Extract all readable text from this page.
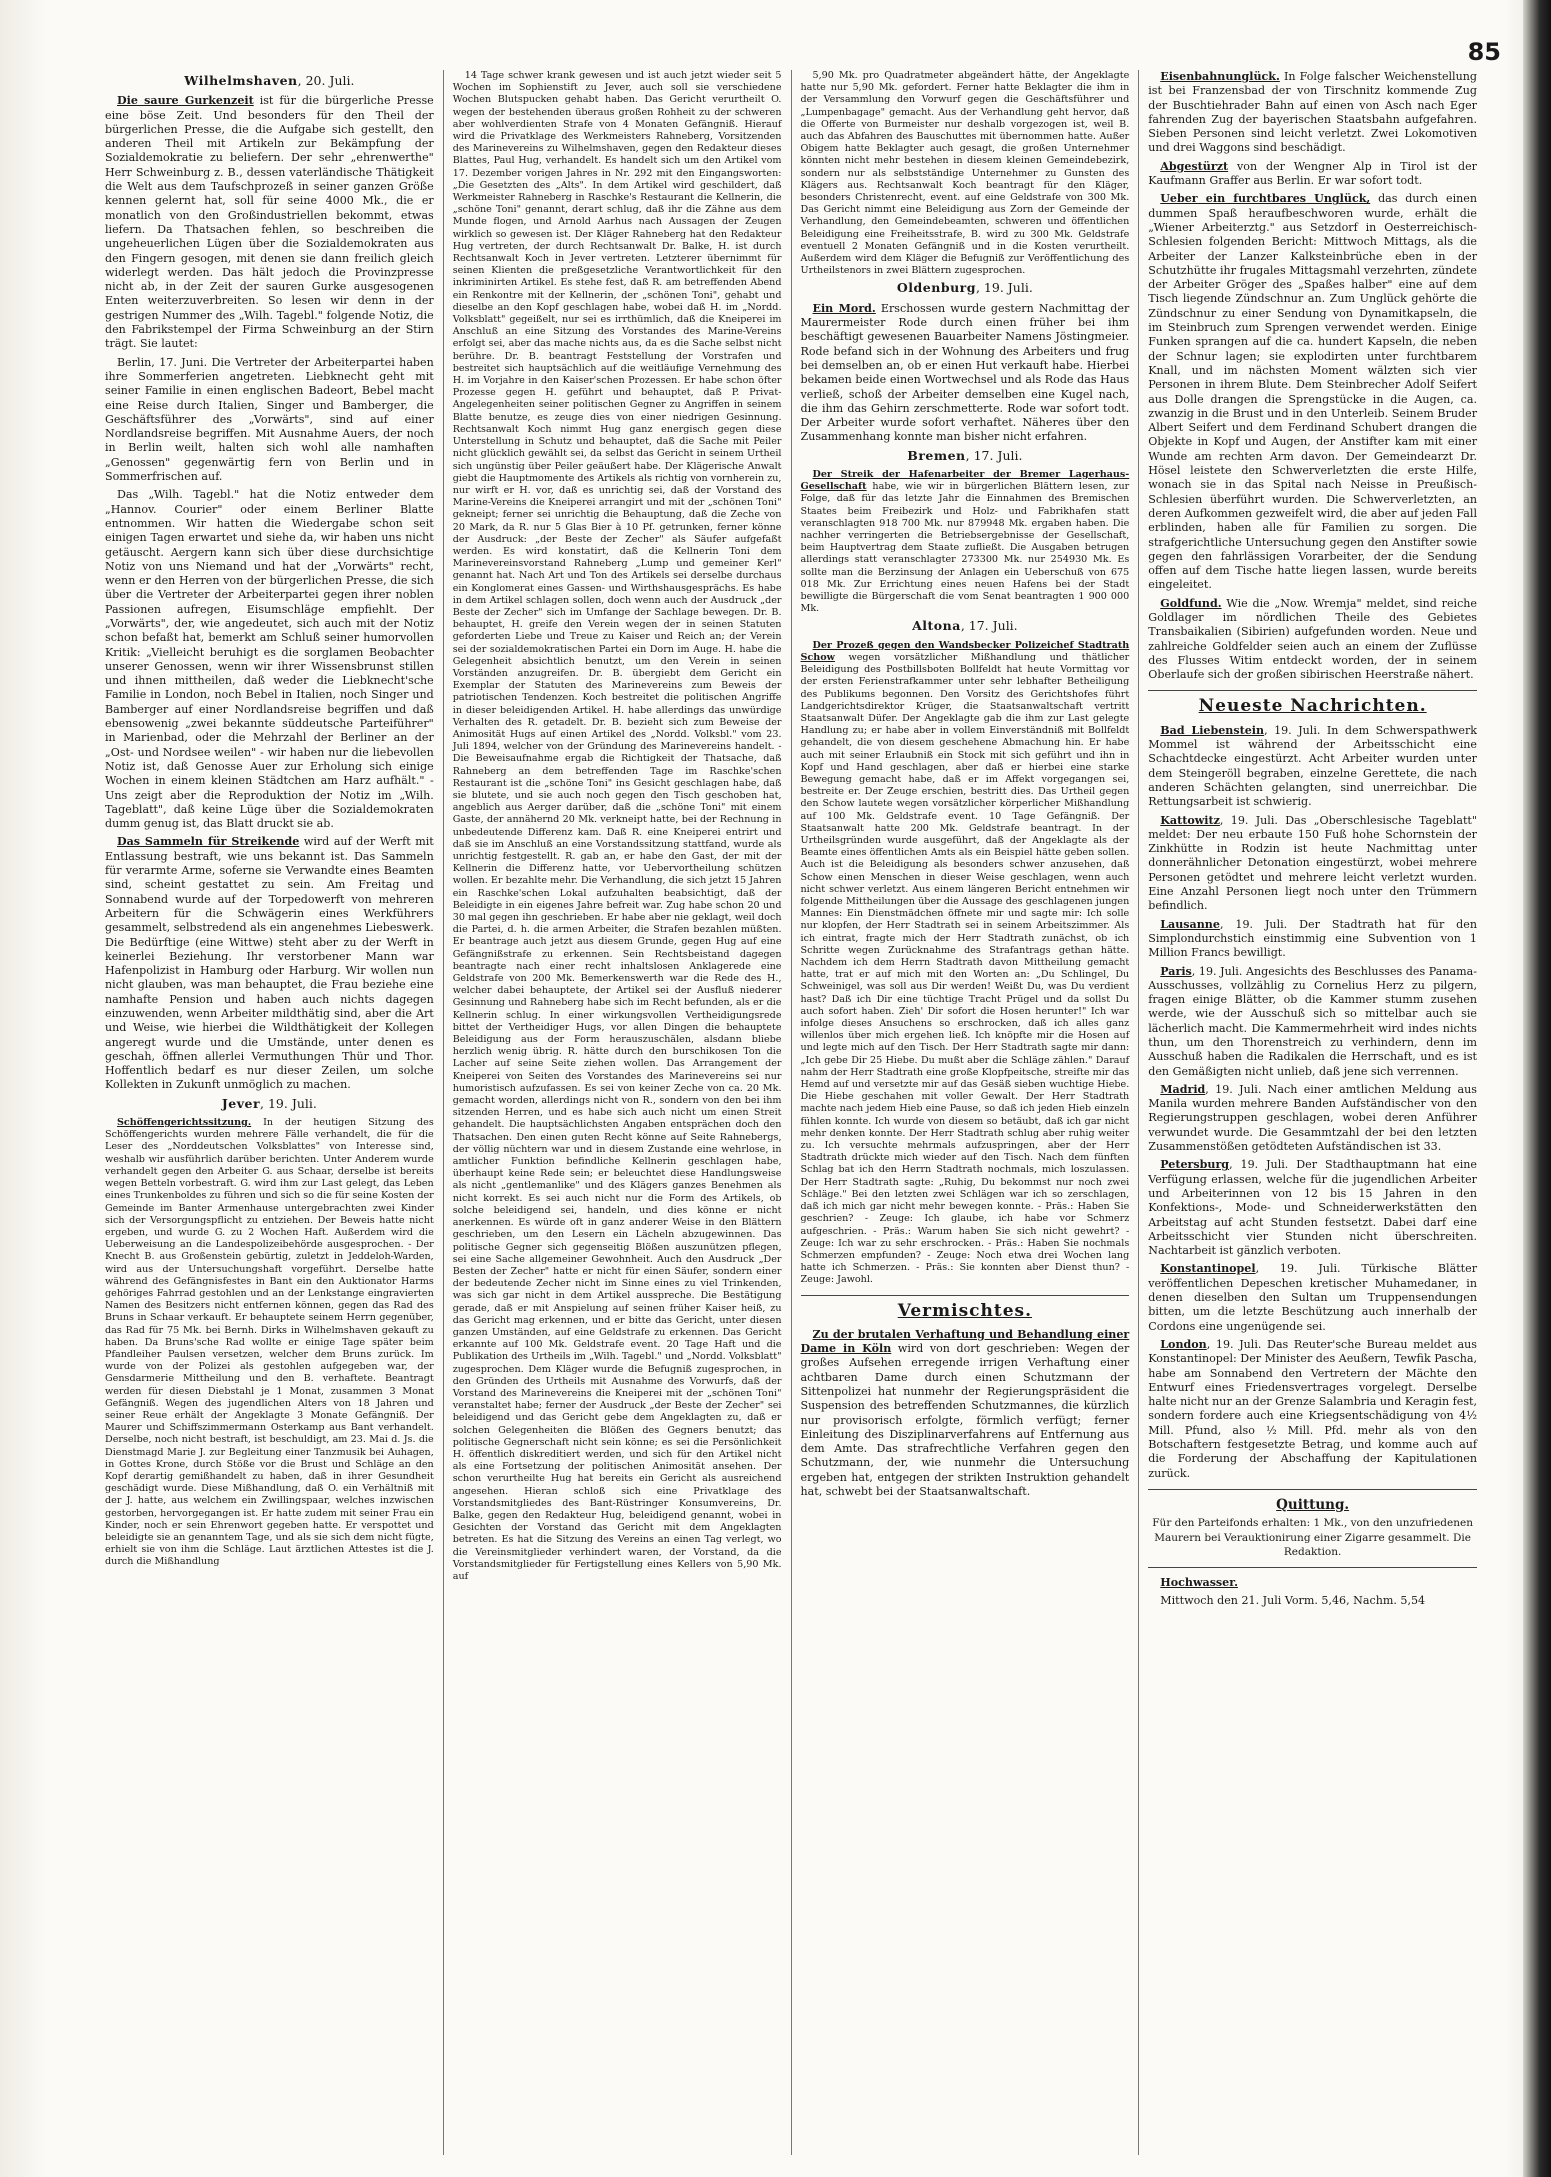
85
Wilhelmshaven, 20. Juli.

Die saure Gurkenzeit ist für die bürgerliche Presse eine böse Zeit. Und besonders für den Theil der bürgerlichen Presse, die die Aufgabe sich gestellt, den anderen Theil mit Artikeln zur Bekämpfung der Sozialdemokratie zu beliefern. Der sehr „ehrenwerthe" Herr Schweinburg z. B., dessen vaterländische Thätigkeit die Welt aus dem Taufschprozeß in seiner ganzen Größe kennen gelernt hat, soll für seine 4000 Mk., die er monatlich von den Großindustriellen bekommt, etwas liefern. Da Thatsachen fehlen, so beschreiben die ungeheuerlichen Lügen über die Sozialdemokraten aus den Fingern gesogen, mit denen sie dann freilich gleich widerlegt werden. Das hält jedoch die Provinzpresse nicht ab, in der Zeit der sauren Gurke ausgesogenen Enten weiterzuverbreiten. So lesen wir denn in der gestrigen Nummer des „Wilh. Tagebl." folgende Notiz, die den Fabrikstempel der Firma Schweinburg an der Stirn trägt. Sie lautet:

Berlin, 17. Juni. Die Vertreter der Arbeiterpartei haben ihre Sommerferien angetreten. Liebknecht geht mit seiner Familie in einen englischen Badeort, Bebel macht eine Reise durch Italien, Singer und Bamberger, die Geschäftsführer des „Vorwärts", sind auf einer Nordlandsreise begriffen. Mit Ausnahme Auers, der noch in Berlin weilt, halten sich wohl alle namhaften „Genossen" gegenwärtig fern von Berlin und in Sommerfrischen auf.

Das „Wilh. Tagebl." hat die Notiz entweder dem „Hannov. Courier" oder einem Berliner Blatte entnommen. Wir hatten die Wiedergabe schon seit einigen Tagen erwartet und siehe da, wir haben uns nicht getäuscht. Aergern kann sich über diese durchsichtige Notiz von uns Niemand und hat der „Vorwärts" recht, wenn er den Herren von der bürgerlichen Presse, die sich über die Vertreter der Arbeiterpartei gegen ihrer noblen Passionen aufregen, Eisumschläge empfiehlt. Der „Vorwärts", der, wie angedeutet, sich auch mit der Notiz schon befaßt hat, bemerkt am Schluß seiner humorvollen Kritik: „Vielleicht beruhigt es die sorglamen Beobachter unserer Genossen, wenn wir ihrer Wissensbrunst stillen und ihnen mittheilen, daß weder die Liebknecht'sche Familie in London, noch Bebel in Italien, noch Singer und Bamberger auf einer Nordlandsreise begriffen und daß ebensowenig „zwei bekannte süddeutsche Parteiführer" in Marienbad, oder die Mehrzahl der Berliner an der „Ost- und Nordsee weilen" - wir haben nur die liebevollen Notiz ist, daß Genosse Auer zur Erholung sich einige Wochen in einem kleinen Städtchen am Harz aufhält." - Uns zeigt aber die Reproduktion der Notiz im „Wilh. Tageblatt", daß keine Lüge über die Sozialdemokraten dumm genug ist, das Blatt druckt sie ab.

Das Sammeln für Streikende wird auf der Werft mit Entlassung bestraft, wie uns bekannt ist. Das Sammeln für verarmte Arme, soferne sie Verwandte eines Beamten sind, scheint gestattet zu sein. Am Freitag und Sonnabend wurde auf der Torpedowerft von mehreren Arbeitern für die Schwägerin eines Werkführers gesammelt, selbstredend als ein angenehmes Liebeswerk. Die Bedürftige (eine Wittwe) steht aber zu der Werft in keinerlei Beziehung. Ihr verstorbener Mann war Hafenpolizist in Hamburg oder Harburg. Wir wollen nun nicht glauben, was man behauptet, die Frau beziehe eine namhafte Pension und haben auch nichts dagegen einzuwenden, wenn Arbeiter mildthätig sind, aber die Art und Weise, wie hierbei die Wildthätigkeit der Kollegen angeregt wurde und die Umstände, unter denen es geschah, öffnen allerlei Vermuthungen Thür und Thor. Hoffentlich bedarf es nur dieser Zeilen, um solche Kollekten in Zukunft unmöglich zu machen.

Jever, 19. Juli.

Schöffengerichtssitzung. In der heutigen Sitzung des Schöffengerichts wurden mehrere Fälle verhandelt, die für die Leser des „Norddeutschen Volksblattes" von Interesse sind, weshalb wir ausführlich darüber berichten. Unter Anderem wurde verhandelt gegen den Arbeiter G. aus Schaar, derselbe ist bereits wegen Betteln vorbestraft. G. wird ihm zur Last gelegt, das Leben eines Trunkenboldes zu führen und sich so die für seine Kosten der Gemeinde im Banter Armenhause untergebrachten zwei Kinder sich der Versorgungspflicht zu entziehen. Der Beweis hatte nicht ergeben, und wurde G. zu 2 Wochen Haft. Außerdem wird die Ueberweisung an die Landespolizeibehörde ausgesprochen. - Der Knecht B. aus Großenstein gebürtig, zuletzt in Jeddeloh-Warden, wird aus der Untersuchungshaft vorgeführt. Derselbe hatte während des Gefängnisfestes in Bant ein den Auktionator Harms gehöriges Fahrrad gestohlen und an der Lenkstange eingravierten Namen des Besitzers nicht entfernen können, gegen das Rad des Bruns in Schaar verkauft. Er behauptete seinem Herrn gegenüber, das Rad für 75 Mk. bei Bernh. Dirks in Wilhelmshaven gekauft zu haben. Da Bruns'sche Rad wollte er einige Tage später beim Pfandleiher Paulsen versetzen, welcher dem Bruns zurück. Im wurde von der Polizei als gestohlen aufgegeben war, der Gensdarmerie Mittheilung und den B. verhaftete. Beantragt werden für diesen Diebstahl je 1 Monat, zusammen 3 Monat Gefängniß. Wegen des jugendlichen Alters von 18 Jahren und seiner Reue erhält der Angeklagte 3 Monate Gefängniß. Der Maurer und Schiffszimmermann Osterkamp aus Bant verhandelt. Derselbe, noch nicht bestraft, ist beschuldigt, am 23. Mai d. Js. die Dienstmagd Marie J. zur Begleitung einer Tanzmusik bei Auhagen, in Gottes Krone, durch Stöße vor die Brust und Schläge an den Kopf derartig gemißhandelt zu haben, daß in ihrer Gesundheit geschädigt wurde. Diese Mißhandlung, daß O. ein Verhältniß mit der J. hatte, aus welchem ein Zwillingspaar, welches inzwischen gestorben, hervorgegangen ist. Er hatte zudem mit seiner Frau ein Kinder, noch er sein Ehrenwort gegeben hatte. Er verspottet und beleidigte sie an genanntem Tage, und als sie sich dem nicht fügte, erhielt sie von ihm die Schläge. Laut ärztlichen Attestes ist die J. durch die Mißhandlung

14 Tage schwer krank gewesen und ist auch jetzt wieder seit 5 Wochen im Sophienstift zu Jever, auch soll sie verschiedene Wochen Blutspucken gehabt haben. Das Gericht verurtheilt O. wegen der bestehenden überaus großen Rohheit zu der schweren aber wohlverdienten Strafe von 4 Monaten Gefängniß. Hierauf wird die Privatklage des Werkmeisters Rahneberg, Vorsitzenden des Marinevereins zu Wilhelmshaven, gegen den Redakteur dieses Blattes, Paul Hug, verhandelt. Es handelt sich um den Artikel vom 17. Dezember vorigen Jahres in Nr. 292 mit den Eingangsworten: „Die Gesetzten des „Alts". In dem Artikel wird geschildert, daß Werkmeister Rahneberg in Raschke's Restaurant die Kellnerin, die „schöne Toni" genannt, derart schlug, daß ihr die Zähne aus dem Munde flogen, und Arnold Aarhus nach Aussagen der Zeugen wirklich so gewesen ist. Der Kläger Rahneberg hat den Redakteur Hug vertreten, der durch Rechtsanwalt Dr. Balke, H. ist durch Rechtsanwalt Koch in Jever vertreten. Letzterer übernimmt für seinen Klienten die preßgesetzliche Verantwortlichkeit für den inkriminirten Artikel. Es stehe fest, daß R. am betreffenden Abend ein Renkontre mit der Kellnerin, der „schönen Toni", gehabt und dieselbe an den Kopf geschlagen habe, wobei daß H. im „Nordd. Volksblatt" gegeißelt, nur sei es irrthümlich, daß die Kneiperei im Anschluß an eine Sitzung des Vorstandes des Marine-Vereins erfolgt sei, aber das mache nichts aus, da es die Sache selbst nicht berühre. Dr. B. beantragt Feststellung der Vorstrafen und bestreitet sich hauptsächlich auf die weitläufige Vernehmung des H. im Vorjahre in den Kaiser'schen Prozessen. Er habe schon öfter Prozesse gegen H. geführt und behauptet, daß P. Privat-Angelegenheiten seiner politischen Gegner zu Angriffen in seinem Blatte benutze, es zeuge dies von einer niedrigen Gesinnung. Rechtsanwalt Koch nimmt Hug ganz energisch gegen diese Unterstellung in Schutz und behauptet, daß die Sache mit Peiler nicht glücklich gewählt sei, da selbst das Gericht in seinem Urtheil sich ungünstig über Peiler geäußert habe. Der Klägerische Anwalt giebt die Hauptmomente des Artikels als richtig von vornherein zu, nur wirft er H. vor, daß es unrichtig sei, daß der Vorstand des Marine-Vereins die Kneiperei arrangirt und mit der „schönen Toni" gekneipt; ferner sei unrichtig die Behauptung, daß die Zeche von 20 Mark, da R. nur 5 Glas Bier à 10 Pf. getrunken, ferner könne der Ausdruck: „der Beste der Zecher" als Säufer aufgefaßt werden. Es wird konstatirt, daß die Kellnerin Toni dem Marinevereinsvorstand Rahneberg „Lump und gemeiner Kerl" genannt hat. Nach Art und Ton des Artikels sei derselbe durchaus ein Konglomerat eines Gassen- und Wirthshausgesprächs. Es habe in dem Artikel schlagen sollen, doch wenn auch der Ausdruck „der Beste der Zecher" sich im Umfange der Sachlage bewegen. Dr. B. behauptet, H. greife den Verein wegen der in seinen Statuten geforderten Liebe und Treue zu Kaiser und Reich an; der Verein sei der sozialdemokratischen Partei ein Dorn im Auge. H. habe die Gelegenheit absichtlich benutzt, um den Verein in seinen Vorständen anzugreifen. Dr. B. übergiebt dem Gericht ein Exemplar der Statuten des Marinevereins zum Beweis der patriotischen Tendenzen. Koch bestreitet die politischen Angriffe in dieser beleidigenden Artikel. H. habe allerdings das unwürdige Verhalten des R. getadelt. Dr. B. bezieht sich zum Beweise der Animosität Hugs auf einen Artikel des „Nordd. Volksbl." vom 23. Juli 1894, welcher von der Gründung des Marinevereins handelt. - Die Beweisaufnahme ergab die Richtigkeit der Thatsache, daß Rahneberg an dem betreffenden Tage im Raschke'schen Restaurant ist die „schöne Toni" ins Gesicht geschlagen habe, daß sie blutete, und sie auch noch gegen den Tisch geschoben hat, angeblich aus Aerger darüber, daß die „schöne Toni" mit einem Gaste, der annähernd 20 Mk. verkneipt hatte, bei der Rechnung in unbedeutende Differenz kam. Daß R. eine Kneiperei entrirt und daß sie im Anschluß an eine Vorstandssitzung stattfand, wurde als unrichtig festgestellt. R. gab an, er habe den Gast, der mit der Kellnerin die Differenz hatte, vor Uebervortheilung schützen wollen. Er bezahlte mehr. Die Verhandlung, die sich jetzt 15 Jahren ein Raschke'schen Lokal aufzuhalten beabsichtigt, daß der Beleidigte in ein eigenes Jahre befreit war. Zug habe schon 20 und 30 mal gegen ihn geschrieben. Er habe aber nie geklagt, weil doch die Partei, d. h. die armen Arbeiter, die Strafen bezahlen müßten. Er beantrage auch jetzt aus diesem Grunde, gegen Hug auf eine Gefängnißstrafe zu erkennen. Sein Rechtsbeistand dagegen beantragte nach einer recht inhaltslosen Anklagerede eine Geldstrafe von 200 Mk. Bemerkenswerth war die Rede des H., welcher dabei behauptete, der Artikel sei der Ausfluß niederer Gesinnung und Rahneberg habe sich im Recht befunden, als er die Kellnerin schlug. In einer wirkungsvollen Vertheidigungsrede bittet der Vertheidiger Hugs, vor allen Dingen die behauptete Beleidigung aus der Form herauszuschälen, alsdann bliebe herzlich wenig übrig. R. hätte durch den burschikosen Ton die Lacher auf seine Seite ziehen wollen. Das Arrangement der Kneiperei von Seiten des Vorstandes des Marinevereins sei nur humoristisch aufzufassen. Es sei von keiner Zeche von ca. 20 Mk. gemacht worden, allerdings nicht von R., sondern von den bei ihm sitzenden Herren, und es habe sich auch nicht um einen Streit gehandelt. Die hauptsächlichsten Angaben entsprächen doch den Thatsachen. Den einen guten Recht könne auf Seite Rahnebergs, der völlig nüchtern war und in diesem Zustande eine wehrlose, in amtlicher Funktion befindliche Kellnerin geschlagen habe, überhaupt keine Rede sein; er beleuchtet diese Handlungsweise als nicht „gentlemanlike" und des Klägers ganzes Benehmen als nicht korrekt. Es sei auch nicht nur die Form des Artikels, ob solche beleidigend sei, handeln, und dies könne er nicht anerkennen. Es würde oft in ganz anderer Weise in den Blättern geschrieben, um den Lesern ein Lächeln abzugewinnen. Das politische Gegner sich gegenseitig Blößen auszunützen pflegen, sei eine Sache allgemeiner Gewohnheit. Auch den Ausdruck „Der Besten der Zecher" hatte er nicht für einen Säufer, sondern einer der bedeutende Zecher nicht im Sinne eines zu viel Trinkenden, was sich gar nicht in dem Artikel ausspreche. Die Bestätigung gerade, daß er mit Anspielung auf seinen früher Kaiser heiß, zu das Gericht mag erkennen, und er bitte das Gericht, unter diesen ganzen Umständen, auf eine Geldstrafe zu erkennen. Das Gericht erkannte auf 100 Mk. Geldstrafe event. 20 Tage Haft und die Publikation des Urtheils im „Wilh. Tagebl." und „Nordd. Volksblatt" zugesprochen. Dem Kläger wurde die Befugniß zugesprochen, in den Gründen des Urtheils mit Ausnahme des Vorwurfs, daß der Vorstand des Marinevereins die Kneiperei mit der „schönen Toni" veranstaltet habe; ferner der Ausdruck „der Beste der Zecher" sei beleidigend und das Gericht gebe dem Angeklagten zu, daß er solchen Gelegenheiten die Blößen des Gegners benutzt; das politische Gegnerschaft nicht sein könne; es sei die Persönlichkeit H. öffentlich diskreditiert werden, und sich für den Artikel nicht als eine Fortsetzung der politischen Animosität ansehen. Der schon verurtheilte Hug hat bereits ein Gericht als ausreichend angesehen. Hieran schloß sich eine Privatklage des Vorstandsmitgliedes des Bant-Rüstringer Konsumvereins, Dr. Balke, gegen den Redakteur Hug, beleidigend genannt, wobei in Gesichten der Vorstand das Gericht mit dem Angeklagten betreten. Es hat die Sitzung des Vereins an einen Tag verlegt, wo die Vereinsmitglieder verhindert waren, der Vorstand, da die Vorstandsmitglieder für Fertigstellung eines Kellers von 5,90 Mk. auf

5,90 Mk. pro Quadratmeter abgeändert hätte, der Angeklagte hatte nur 5,90 Mk. gefordert. Ferner hatte Beklagter die ihm in der Versammlung den Vorwurf gegen die Geschäftsführer und „Lumpenbagage" gemacht. Aus der Verhandlung geht hervor, daß die Offerte von Burmeister nur deshalb vorgezogen ist, weil B. auch das Abfahren des Bauschuttes mit übernommen hatte. Außer Obigem hatte Beklagter auch gesagt, die großen Unternehmer könnten nicht mehr bestehen in diesem kleinen Gemeindebezirk, sondern nur als selbstständige Unternehmer zu Gunsten des Klägers aus. Rechtsanwalt Koch beantragt für den Kläger, besonders Christenrecht, event. auf eine Geldstrafe von 300 Mk. Das Gericht nimmt eine Beleidigung aus Zorn der Gemeinde der Verhandlung, den Gemeindebeamten, schweren und öffentlichen Beleidigung eine Freiheitsstrafe, B. wird zu 300 Mk. Geldstrafe eventuell 2 Monaten Gefängniß und in die Kosten verurtheilt. Außerdem wird dem Kläger die Befugniß zur Veröffentlichung des Urtheilstenors in zwei Blättern zugesprochen.

Oldenburg, 19. Juli.

Ein Mord. Erschossen wurde gestern Nachmittag der Maurermeister Rode durch einen früher bei ihm beschäftigt gewesenen Bauarbeiter Namens Jöstingmeier. Rode befand sich in der Wohnung des Arbeiters und frug bei demselben an, ob er einen Hut verkauft habe. Hierbei bekamen beide einen Wortwechsel und als Rode das Haus verließ, schoß der Arbeiter demselben eine Kugel nach, die ihm das Gehirn zerschmetterte. Rode war sofort todt. Der Arbeiter wurde sofort verhaftet. Näheres über den Zusammenhang konnte man bisher nicht erfahren.

Bremen, 17. Juli.

Der Streik der Hafenarbeiter der Bremer Lagerhaus-Gesellschaft habe, wie wir in bürgerlichen Blättern lesen, zur Folge, daß für das letzte Jahr die Einnahmen des Bremischen Staates beim Freibezirk und Holz- und Fabrikhafen statt veranschlagten 918 700 Mk. nur 879948 Mk. ergaben haben. Die nachher verringerten die Betriebsergebnisse der Gesellschaft, beim Hauptvertrag dem Staate zufließt. Die Ausgaben betrugen allerdings statt veranschlagter 273300 Mk. nur 254930 Mk. Es sollte man die Berzinsung der Anlagen ein Ueberschuß von 675 018 Mk. Zur Errichtung eines neuen Hafens bei der Stadt bewilligte die Bürgerschaft die vom Senat beantragten 1 900 000 Mk.

Altona, 17. Juli.

Der Prozeß gegen den Wandsbecker Polizeichef Stadtrath Schow wegen vorsätzlicher Mißhandlung und thätlicher Beleidigung des Postbillsboten Bollfeldt hat heute Vormittag vor der ersten Ferienstrafkammer unter sehr lebhafter Betheiligung des Publikums begonnen. Den Vorsitz des Gerichtshofes führt Landgerichtsdirektor Krüger, die Staatsanwaltschaft vertritt Staatsanwalt Düfer. Der Angeklagte gab die ihm zur Last gelegte Handlung zu; er habe aber in vollem Einverständniß mit Bollfeldt gehandelt, die von diesem geschehene Abmachung hin. Er habe auch mit seiner Erlaubniß ein Stock mit sich geführt und ihn in Kopf und Hand geschlagen, aber daß er hierbei eine starke Bewegung gemacht habe, daß er im Affekt vorgegangen sei, bestreite er. Der Zeuge erschien, bestritt dies. Das Urtheil gegen den Schow lautete wegen vorsätzlicher körperlicher Mißhandlung auf 100 Mk. Geldstrafe event. 10 Tage Gefängniß. Der Staatsanwalt hatte 200 Mk. Geldstrafe beantragt. In der Urtheilsgründen wurde ausgeführt, daß der Angeklagte als der Beamte eines öffentlichen Amts als ein Beispiel hätte geben sollen. Auch ist die Beleidigung als besonders schwer anzusehen, daß Schow einen Menschen in dieser Weise geschlagen, wenn auch nicht schwer verletzt. Aus einem längeren Bericht entnehmen wir folgende Mittheilungen über die Aussage des geschlagenen jungen Mannes: Ein Dienstmädchen öffnete mir und sagte mir: Ich solle nur klopfen, der Herr Stadtrath sei in seinem Arbeitszimmer. Als ich eintrat, fragte mich der Herr Stadtrath zunächst, ob ich Schritte wegen Zurücknahme des Strafantrags gethan hätte. Nachdem ich dem Herrn Stadtrath davon Mittheilung gemacht hatte, trat er auf mich mit den Worten an: „Du Schlingel, Du Schweinigel, was soll aus Dir werden! Weißt Du, was Du verdient hast? Daß ich Dir eine tüchtige Tracht Prügel und da sollst Du auch sofort haben. Zieh' Dir sofort die Hosen herunter!" Ich war infolge dieses Ansuchens so erschrocken, daß ich alles ganz willenlos über mich ergehen ließ. Ich knöpfte mir die Hosen auf und legte mich auf den Tisch. Der Herr Stadtrath sagte mir dann: „Ich gebe Dir 25 Hiebe. Du mußt aber die Schläge zählen." Darauf nahm der Herr Stadtrath eine große Klopfpeitsche, streifte mir das Hemd auf und versetzte mir auf das Gesäß sieben wuchtige Hiebe. Die Hiebe geschahen mit voller Gewalt. Der Herr Stadtrath machte nach jedem Hieb eine Pause, so daß ich jeden Hieb einzeln fühlen konnte. Ich wurde von diesem so betäubt, daß ich gar nicht mehr denken konnte. Der Herr Stadtrath schlug aber ruhig weiter zu. Ich versuchte mehrmals aufzuspringen, aber der Herr Stadtrath drückte mich wieder auf den Tisch. Nach dem fünften Schlag bat ich den Herrn Stadtrath nochmals, mich loszulassen. Der Herr Stadtrath sagte: „Ruhig, Du bekommst nur noch zwei Schläge." Bei den letzten zwei Schlägen war ich so zerschlagen, daß ich mich gar nicht mehr bewegen konnte. - Präs.: Haben Sie geschrien? - Zeuge: Ich glaube, ich habe vor Schmerz aufgeschrien. - Präs.: Warum haben Sie sich nicht gewehrt? - Zeuge: Ich war zu sehr erschrocken. - Präs.: Haben Sie nochmals Schmerzen empfunden? - Zeuge: Noch etwa drei Wochen lang hatte ich Schmerzen. - Präs.: Sie konnten aber Dienst thun? - Zeuge: Jawohl.

Vermischtes.

Zu der brutalen Verhaftung und Behandlung einer Dame in Köln wird von dort geschrieben: Wegen der großes Aufsehen erregende irrigen Verhaftung einer achtbaren Dame durch einen Schutzmann der Sittenpolizei hat nunmehr der Regierungspräsident die Suspension des betreffenden Schutzmannes, die kürzlich nur provisorisch erfolgte, förmlich verfügt; ferner Einleitung des Disziplinarverfahrens auf Entfernung aus dem Amte. Das strafrechtliche Verfahren gegen den Schutzmann, der, wie nunmehr die Untersuchung ergeben hat, entgegen der strikten Instruktion gehandelt hat, schwebt bei der Staatsanwaltschaft.

Eisenbahnunglück. In Folge falscher Weichenstellung ist bei Franzensbad der von Tirschnitz kommende Zug der Buschtiehrader Bahn auf einen von Asch nach Eger fahrenden Zug der bayerischen Staatsbahn aufgefahren. Sieben Personen sind leicht verletzt. Zwei Lokomotiven und drei Waggons sind beschädigt.

Abgestürzt von der Wengner Alp in Tirol ist der Kaufmann Graffer aus Berlin. Er war sofort todt.

Ueber ein furchtbares Unglück, das durch einen dummen Spaß heraufbeschworen wurde, erhält die „Wiener Arbeiterztg." aus Setzdorf in Oesterreichisch-Schlesien folgenden Bericht: Mittwoch Mittags, als die Arbeiter der Lanzer Kalksteinbrüche eben in der Schutzhütte ihr frugales Mittagsmahl verzehrten, zündete der Arbeiter Gröger des „Spaßes halber" eine auf dem Tisch liegende Zündschnur an. Zum Unglück gehörte die Zündschnur zu einer Sendung von Dynamitkapseln, die im Steinbruch zum Sprengen verwendet werden. Einige Funken sprangen auf die ca. hundert Kapseln, die neben der Schnur lagen; sie explodirten unter furchtbarem Knall, und im nächsten Moment wälzten sich vier Personen in ihrem Blute. Dem Steinbrecher Adolf Seifert aus Dolle drangen die Sprengstücke in die Augen, ca. zwanzig in die Brust und in den Unterleib. Seinem Bruder Albert Seifert und dem Ferdinand Schubert drangen die Objekte in Kopf und Augen, der Anstifter kam mit einer Wunde am rechten Arm davon. Der Gemeindearzt Dr. Hösel leistete den Schwerverletzten die erste Hilfe, wonach sie in das Spital nach Neisse in Preußisch-Schlesien überführt wurden. Die Schwerverletzten, an deren Aufkommen gezweifelt wird, die aber auf jeden Fall erblinden, haben alle für Familien zu sorgen. Die strafgerichtliche Untersuchung gegen den Anstifter sowie gegen den fahrlässigen Vorarbeiter, der die Sendung offen auf dem Tische hatte liegen lassen, wurde bereits eingeleitet.

Goldfund. Wie die „Now. Wremja" meldet, sind reiche Goldlager im nördlichen Theile des Gebietes Transbaikalien (Sibirien) aufgefunden worden. Neue und zahlreiche Goldfelder seien auch an einem der Zuflüsse des Flusses Witim entdeckt worden, der in seinem Oberlaufe sich der großen sibirischen Heerstraße nähert.

Neueste Nachrichten.

Bad Liebenstein, 19. Juli. In dem Schwerspathwerk Mommel ist während der Arbeitsschicht eine Schachtdecke eingestürzt. Acht Arbeiter wurden unter dem Steingeröll begraben, einzelne Gerettete, die nach anderen Schächten gelangten, sind unerreichbar. Die Rettungsarbeit ist schwierig.

Kattowitz, 19. Juli. Das „Oberschlesische Tageblatt" meldet: Der neu erbaute 150 Fuß hohe Schornstein der Zinkhütte in Rodzin ist heute Nachmittag unter donnerähnlicher Detonation eingestürzt, wobei mehrere Personen getödtet und mehrere leicht verletzt wurden. Eine Anzahl Personen liegt noch unter den Trümmern befindlich.

Lausanne, 19. Juli. Der Stadtrath hat für den Simplondurchstich einstimmig eine Subvention von 1 Million Francs bewilligt.

Paris, 19. Juli. Angesichts des Beschlusses des Panama-Ausschusses, vollzählig zu Cornelius Herz zu pilgern, fragen einige Blätter, ob die Kammer stumm zusehen werde, wie der Ausschuß sich so mittelbar auch sie lächerlich macht. Die Kammermehrheit wird indes nichts thun, um den Thorenstreich zu verhindern, denn im Ausschuß haben die Radikalen die Herrschaft, und es ist den Gemäßigten nicht unlieb, daß jene sich verrennen.

Madrid, 19. Juli. Nach einer amtlichen Meldung aus Manila wurden mehrere Banden Aufständischer von den Regierungstruppen geschlagen, wobei deren Anführer verwundet wurde. Die Gesammtzahl der bei den letzten Zusammenstößen getödteten Aufständischen ist 33.

Petersburg, 19. Juli. Der Stadthauptmann hat eine Verfügung erlassen, welche für die jugendlichen Arbeiter und Arbeiterinnen von 12 bis 15 Jahren in den Konfektions-, Mode- und Schneiderwerkstätten den Arbeitstag auf acht Stunden festsetzt. Dabei darf eine Arbeitsschicht vier Stunden nicht überschreiten. Nachtarbeit ist gänzlich verboten.

Konstantinopel, 19. Juli. Türkische Blätter veröffentlichen Depeschen kretischer Muhamedaner, in denen dieselben den Sultan um Truppensendungen bitten, um die letzte Beschützung auch innerhalb der Cordons eine ungenügende sei.

London, 19. Juli. Das Reuter'sche Bureau meldet aus Konstantinopel: Der Minister des Aeußern, Tewfik Pascha, habe am Sonnabend den Vertretern der Mächte den Entwurf eines Friedensvertrages vorgelegt. Derselbe halte nicht nur an der Grenze Salambria und Keragin fest, sondern fordere auch eine Kriegsentschädigung von 4½ Mill. Pfund, also ½ Mill. Pfd. mehr als von den Botschaftern festgesetzte Betrag, und komme auch auf die Forderung der Abschaffung der Kapitulationen zurück.

Quittung.
Für den Parteifonds erhalten: 1 Mk., von den unzufriedenen Maurern bei Verauktionirung einer Zigarre gesammelt. Die Redaktion.

Hochwasser.

Mittwoch den 21. Juli Vorm. 5,46, Nachm. 5,54
